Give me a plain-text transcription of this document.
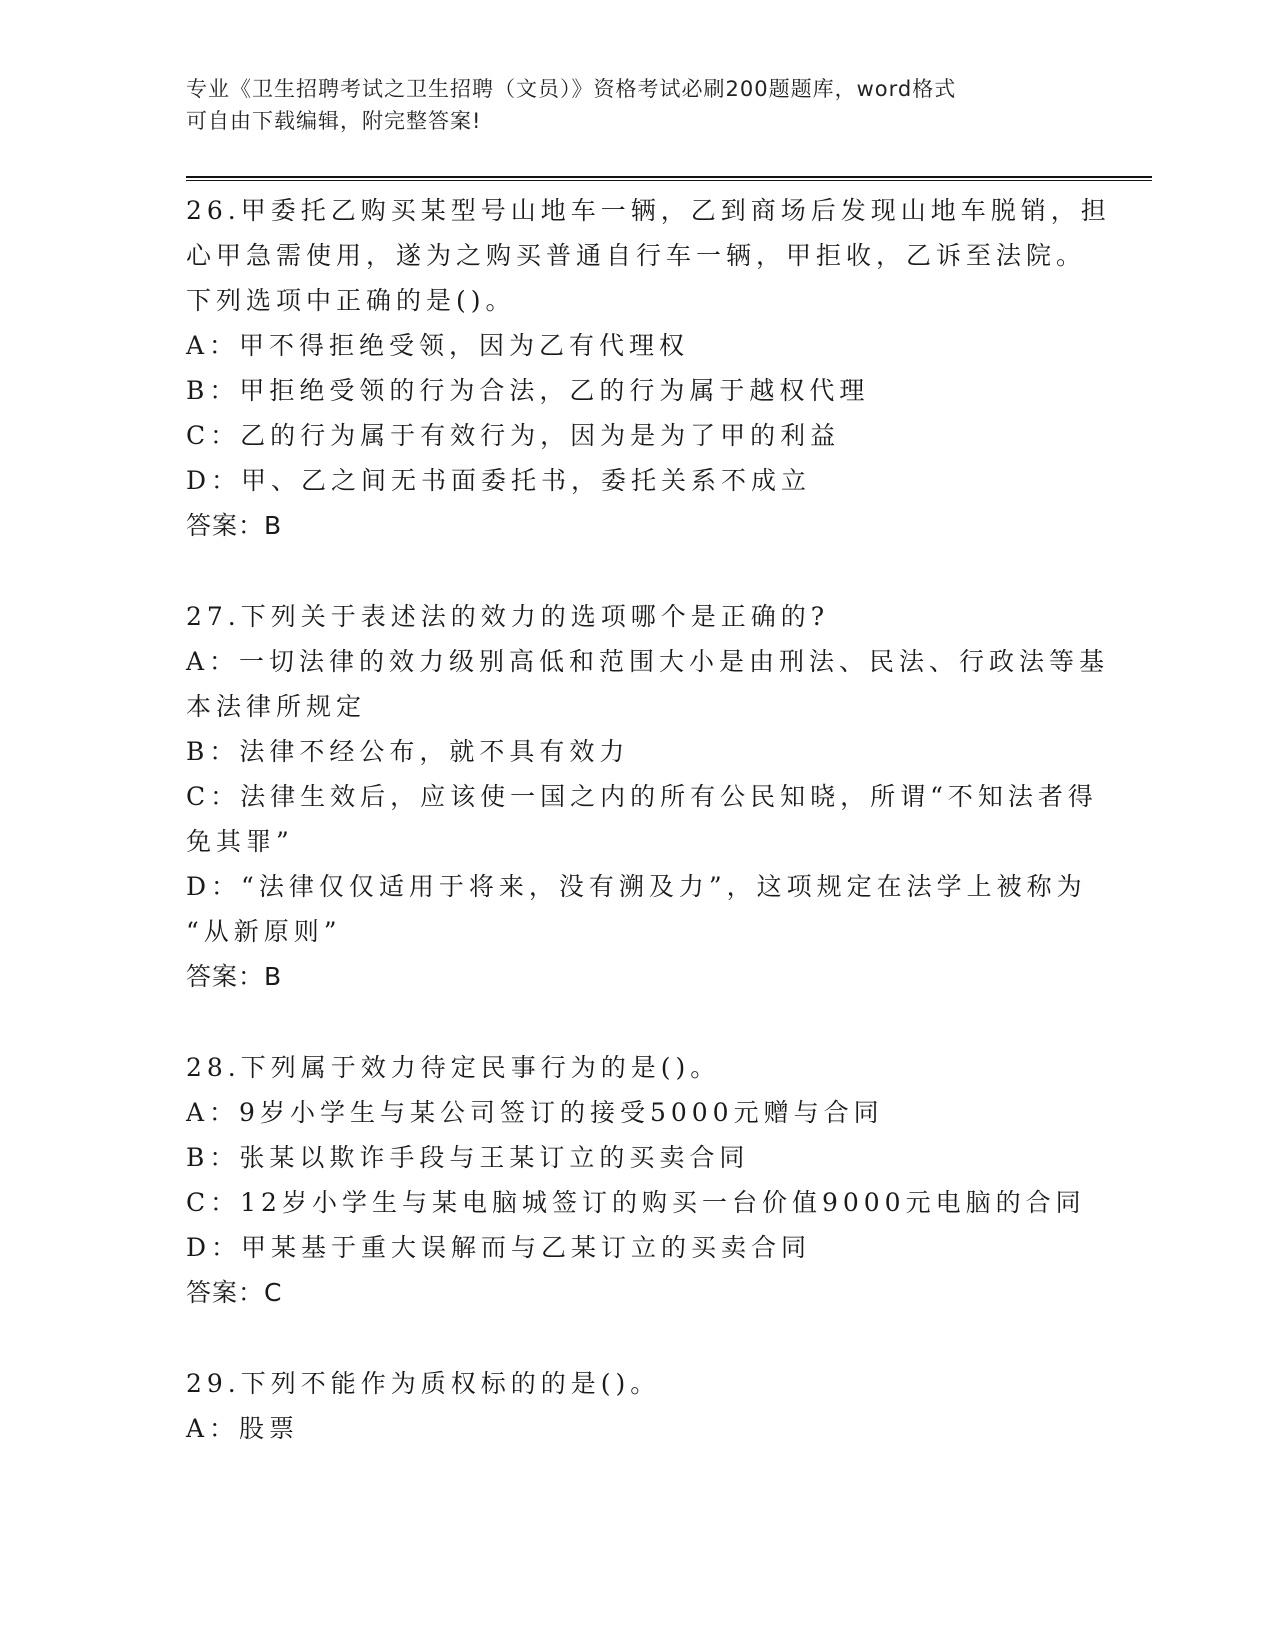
专业《卫生招聘考试之卫生招聘（文员）》资格考试必刷200题题库，word格式
可自由下载编辑，附完整答案!
26.甲委托乙购买某型号山地车一辆，乙到商场后发现山地车脱销，担
心甲急需使用，遂为之购买普通自行车一辆，甲拒收，乙诉至法院。
下列选项中正确的是()。
A：甲不得拒绝受领，因为乙有代理权
B：甲拒绝受领的行为合法，乙的行为属于越权代理
C：乙的行为属于有效行为，因为是为了甲的利益
D：甲、乙之间无书面委托书，委托关系不成立
答案：B
27.下列关于表述法的效力的选项哪个是正确的?
A：一切法律的效力级别高低和范围大小是由刑法、民法、行政法等基
本法律所规定
B：法律不经公布，就不具有效力
C：法律生效后，应该使一国之内的所有公民知晓，所谓“不知法者得
免其罪”
D：“法律仅仅适用于将来，没有溯及力”，这项规定在法学上被称为
“从新原则”
答案：B
28.下列属于效力待定民事行为的是()。
A：9岁小学生与某公司签订的接受5000元赠与合同
B：张某以欺诈手段与王某订立的买卖合同
C：12岁小学生与某电脑城签订的购买一台价值9000元电脑的合同
D：甲某基于重大误解而与乙某订立的买卖合同
答案：C
29.下列不能作为质权标的的是()。
A：股票
